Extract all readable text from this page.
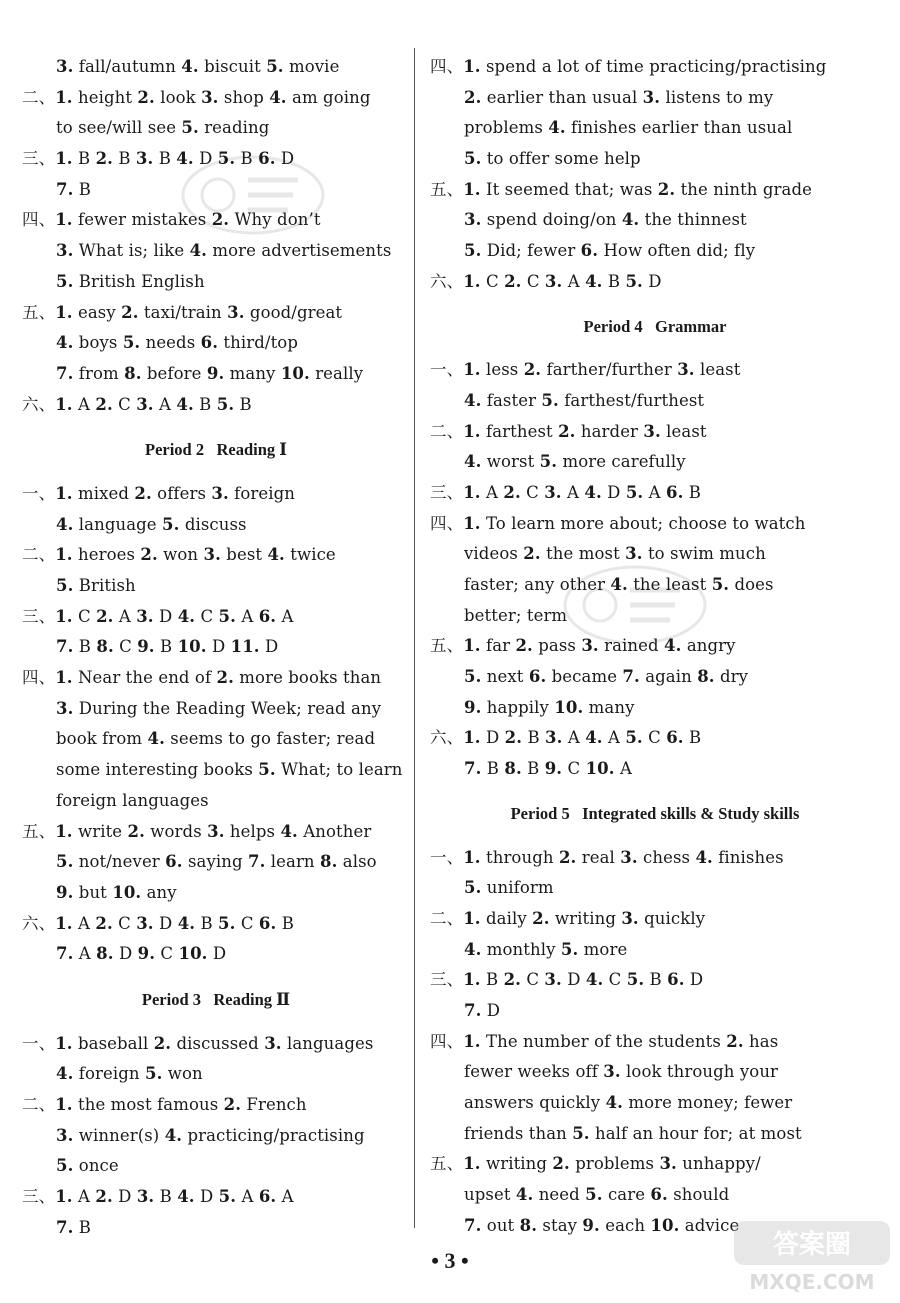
3. fall/autumn 4. biscuit 5. movie
二、1. height 2. look 3. shop 4. am going
to see/will see 5. reading
三、1. B 2. B 3. B 4. D 5. B 6. D
7. B
四、1. fewer mistakes 2. Why don’t
3. What is; like 4. more advertisements
5. British English
五、1. easy 2. taxi/train 3. good/great
4. boys 5. needs 6. third/top
7. from 8. before 9. many 10. really
六、1. A 2. C 3. A 4. B 5. B
Period 2   Reading Ⅰ
一、1. mixed 2. offers 3. foreign
4. language 5. discuss
二、1. heroes 2. won 3. best 4. twice
5. British
三、1. C 2. A 3. D 4. C 5. A 6. A
7. B 8. C 9. B 10. D 11. D
四、1. Near the end of 2. more books than
3. During the Reading Week; read any
book from 4. seems to go faster; read
some interesting books 5. What; to learn
foreign languages
五、1. write 2. words 3. helps 4. Another
5. not/never 6. saying 7. learn 8. also
9. but 10. any
六、1. A 2. C 3. D 4. B 5. C 6. B
7. A 8. D 9. C 10. D
Period 3   Reading Ⅱ
一、1. baseball 2. discussed 3. languages
4. foreign 5. won
二、1. the most famous 2. French
3. winner(s) 4. practicing/practising
5. once
三、1. A 2. D 3. B 4. D 5. A 6. A
7. B
四、1. spend a lot of time practicing/practising
2. earlier than usual 3. listens to my
problems 4. finishes earlier than usual
5. to offer some help
五、1. It seemed that; was 2. the ninth grade
3. spend doing/on 4. the thinnest
5. Did; fewer 6. How often did; fly
六、1. C 2. C 3. A 4. B 5. D
Period 4   Grammar
一、1. less 2. farther/further 3. least
4. faster 5. farthest/furthest
二、1. farthest 2. harder 3. least
4. worst 5. more carefully
三、1. A 2. C 3. A 4. D 5. A 6. B
四、1. To learn more about; choose to watch
videos 2. the most 3. to swim much
faster; any other 4. the least 5. does
better; term
五、1. far 2. pass 3. rained 4. angry
5. next 6. became 7. again 8. dry
9. happily 10. many
六、1. D 2. B 3. A 4. A 5. C 6. B
7. B 8. B 9. C 10. A
Period 5   Integrated skills & Study skills
一、1. through 2. real 3. chess 4. finishes
5. uniform
二、1. daily 2. writing 3. quickly
4. monthly 5. more
三、1. B 2. C 3. D 4. C 5. B 6. D
7. D
四、1. The number of the students 2. has
fewer weeks off 3. look through your
answers quickly 4. more money; fewer
friends than 5. half an hour for; at most
五、1. writing 2. problems 3. unhappy/
upset 4. need 5. care 6. should
7. out 8. stay 9. each 10. advice
• 3 •
答案圈
MXQE.COM
